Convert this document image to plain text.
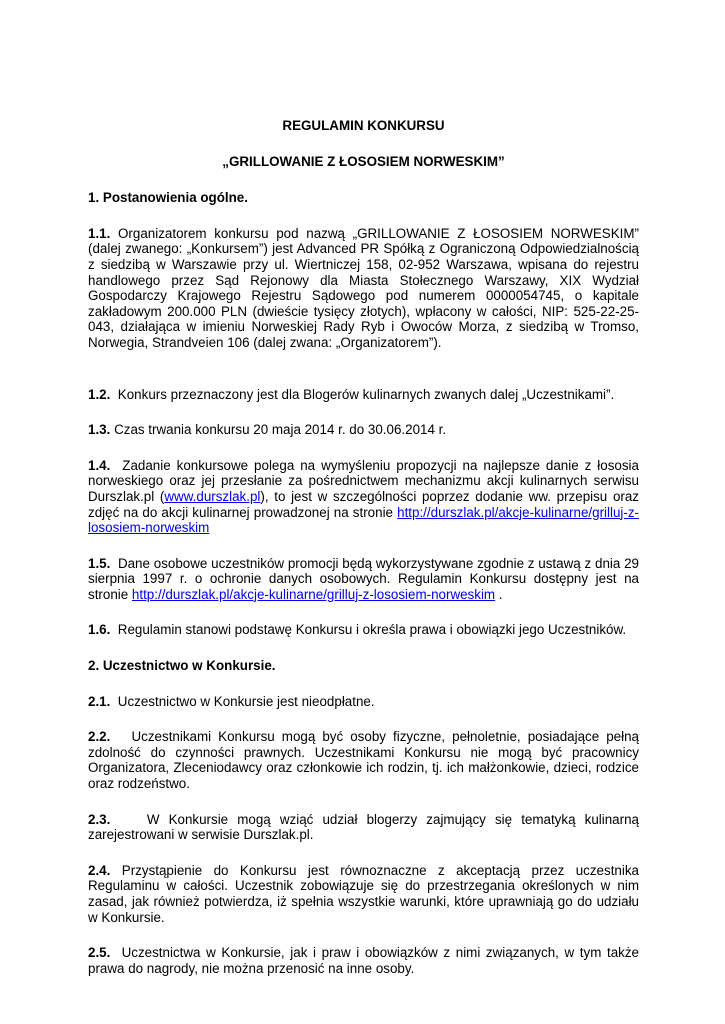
REGULAMIN KONKURSU
„GRILLOWANIE Z ŁOSOSIEM NORWESKIM”
1. Postanowienia ogólne.
1.1. Organizatorem konkursu pod nazwą „GRILLOWANIE Z ŁOSOSIEM NORWESKIM” (dalej zwanego: „Konkursem”) jest Advanced PR Spółką z Ograniczoną Odpowiedzialnością z siedzibą w Warszawie przy ul. Wiertniczej 158, 02-952 Warszawa, wpisana do rejestru handlowego przez Sąd Rejonowy dla Miasta Stołecznego Warszawy, XIX Wydział Gospodarczy Krajowego Rejestru Sądowego pod numerem 0000054745, o kapitale zakładowym 200.000 PLN (dwieście tysięcy złotych), wpłacony w całości, NIP: 525-22-25-043, działająca w imieniu Norweskiej Rady Ryb i Owoców Morza, z siedzibą w Tromso, Norwegia, Strandveien 106 (dalej zwana: „Organizatorem”).
1.2. Konkurs przeznaczony jest dla Blogerów kulinarnych zwanych dalej „Uczestnikami”.
1.3. Czas trwania konkursu 20 maja 2014 r. do 30.06.2014 r.
1.4. Zadanie konkursowe polega na wymyśleniu propozycji na najlepsze danie z łososia norweskiego oraz jej przesłanie za pośrednictwem mechanizmu akcji kulinarnych serwisu Durszlak.pl (www.durszlak.pl), to jest w szczególności poprzez dodanie ww. przepisu oraz zdjęć na do akcji kulinarnej prowadzonej na stronie http://durszlak.pl/akcje-kulinarne/grilluj-z-lososiem-norweskim
1.5. Dane osobowe uczestników promocji będą wykorzystywane zgodnie z ustawą z dnia 29 sierpnia 1997 r. o ochronie danych osobowych. Regulamin Konkursu dostępny jest na stronie http://durszlak.pl/akcje-kulinarne/grilluj-z-lososiem-norweskim .
1.6. Regulamin stanowi podstawę Konkursu i określa prawa i obowiązki jego Uczestników.
2. Uczestnictwo w Konkursie.
2.1. Uczestnictwo w Konkursie jest nieodpłatne.
2.2. Uczestnikami Konkursu mogą być osoby fizyczne, pełnoletnie, posiadające pełną zdolność do czynności prawnych. Uczestnikami Konkursu nie mogą być pracownicy Organizatora, Zleceniodawcy oraz członkowie ich rodzin, tj. ich małżonkowie, dzieci, rodzice oraz rodzeństwo.
2.3.	W Konkursie mogą wziąć udział blogerzy zajmujący się tematyką kulinarną zarejestrowani w serwisie Durszlak.pl.
2.4. Przystąpienie do Konkursu jest równoznaczne z akceptacją przez uczestnika Regulaminu w całości. Uczestnik zobowiązuje się do przestrzegania określonych w nim zasad, jak również potwierdza, iż spełnia wszystkie warunki, które uprawniają go do udziału w Konkursie.
2.5. Uczestnictwa w Konkursie, jak i praw i obowiązków z nimi związanych, w tym także prawa do nagrody, nie można przenosić na inne osoby.
